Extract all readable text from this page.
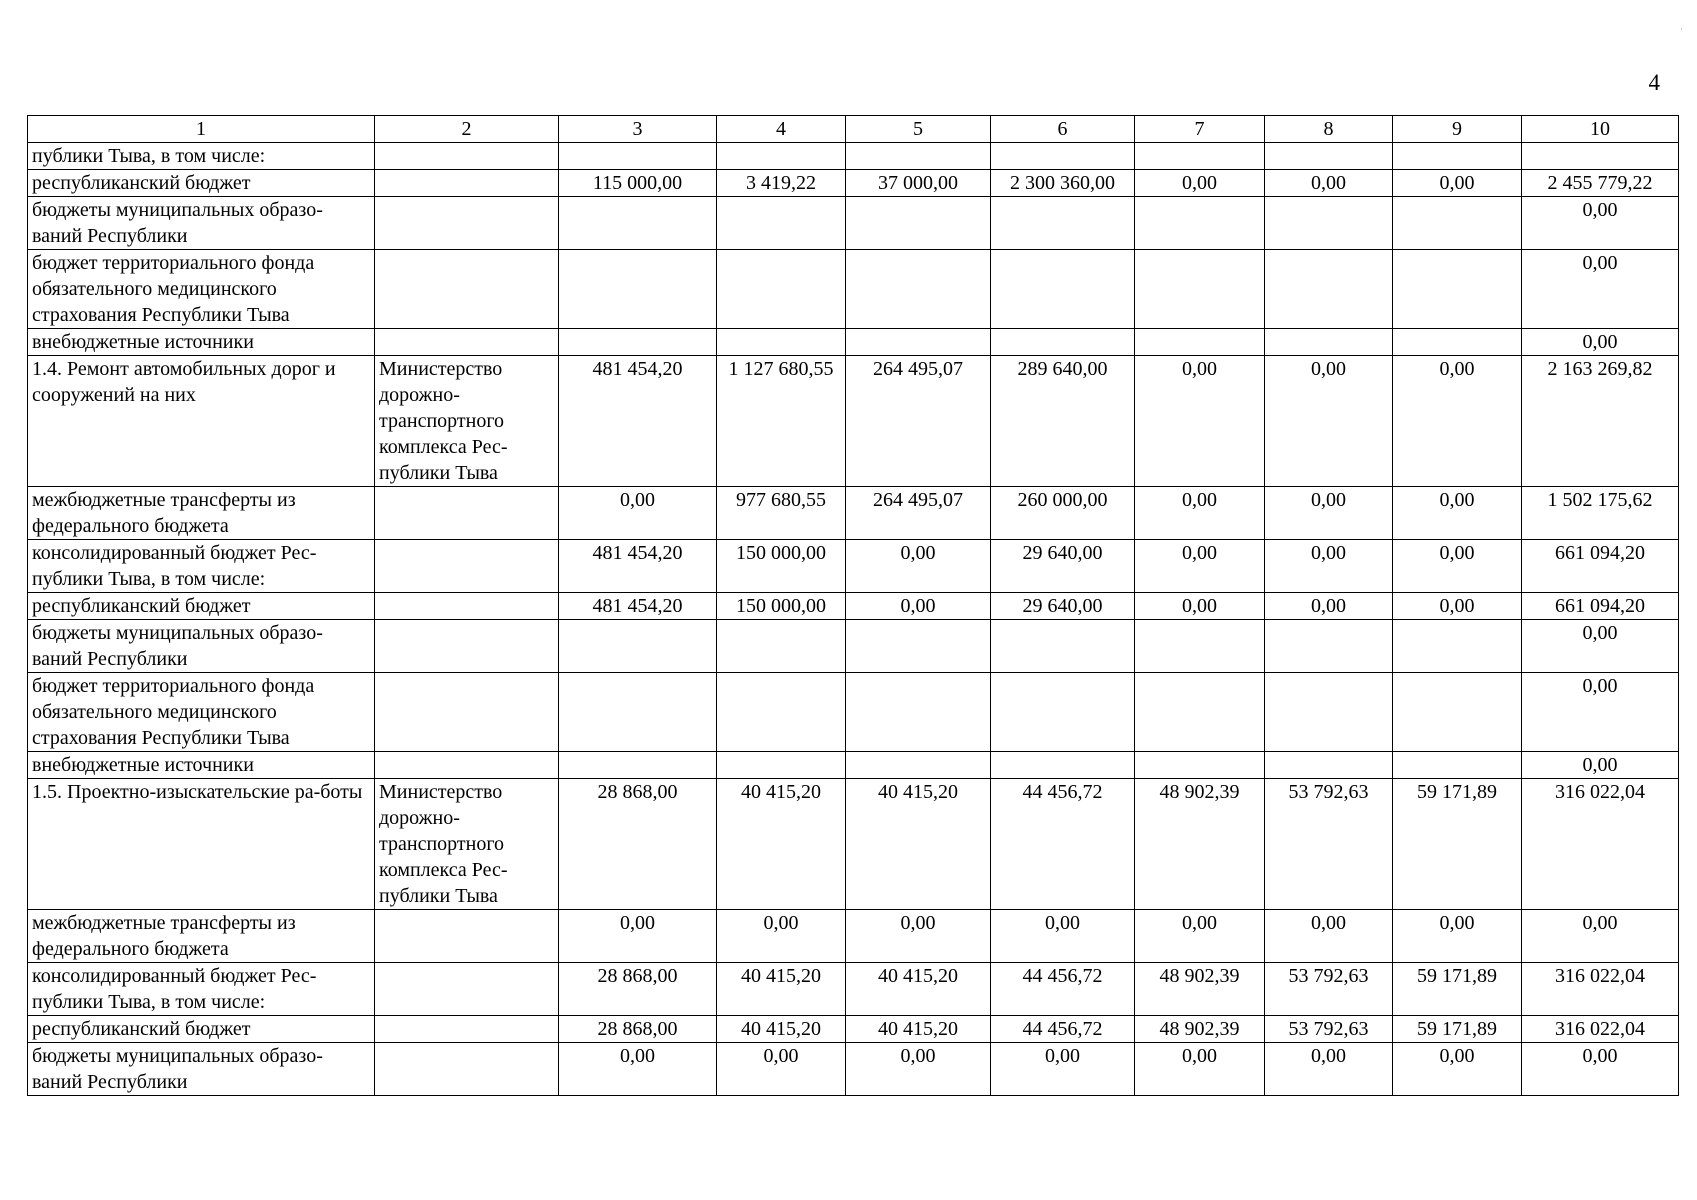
·
4
1	2	3	4	5	6	7	8	9	10
публики Тыва, в том числе:									
республиканский бюджет		115 000,00	3 419,22	37 000,00	2 300 360,00	0,00	0,00	0,00	2 455 779,22
бюджеты муниципальных образо-ваний Республики									0,00
бюджет территориального фонда обязательного медицинского страхования Республики Тыва									0,00
внебюджетные источники									0,00
1.4. Ремонт автомобильных дорог и сооружений на них	Министерство дорожно-транспортного комплекса Рес-публики Тыва	481 454,20	1 127 680,55	264 495,07	289 640,00	0,00	0,00	0,00	2 163 269,82
межбюджетные трансферты из федерального бюджета		0,00	977 680,55	264 495,07	260 000,00	0,00	0,00	0,00	1 502 175,62
консолидированный бюджет Рес-публики Тыва, в том числе:		481 454,20	150 000,00	0,00	29 640,00	0,00	0,00	0,00	661 094,20
республиканский бюджет		481 454,20	150 000,00	0,00	29 640,00	0,00	0,00	0,00	661 094,20
бюджеты муниципальных образо-ваний Республики									0,00
бюджет территориального фонда обязательного медицинского страхования Республики Тыва									0,00
внебюджетные источники									0,00
1.5. Проектно-изыскательские ра-боты	Министерство дорожно-транспортного комплекса Рес-публики Тыва	28 868,00	40 415,20	40 415,20	44 456,72	48 902,39	53 792,63	59 171,89	316 022,04
межбюджетные трансферты из федерального бюджета		0,00	0,00	0,00	0,00	0,00	0,00	0,00	0,00
консолидированный бюджет Рес-публики Тыва, в том числе:		28 868,00	40 415,20	40 415,20	44 456,72	48 902,39	53 792,63	59 171,89	316 022,04
республиканский бюджет		28 868,00	40 415,20	40 415,20	44 456,72	48 902,39	53 792,63	59 171,89	316 022,04
бюджеты муниципальных образо-ваний Республики		0,00	0,00	0,00	0,00	0,00	0,00	0,00	0,00
